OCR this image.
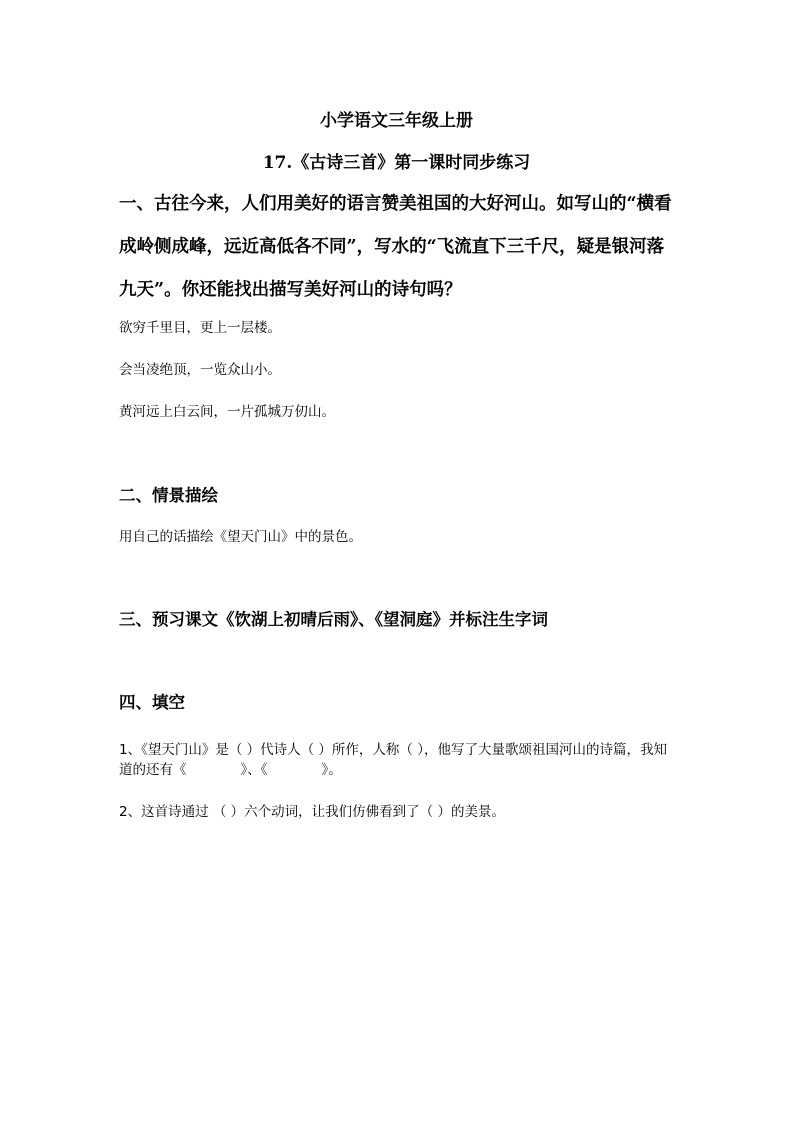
小学语文三年级上册
17.《古诗三首》第一课时同步练习
一、古往今来，人们用美好的语言赞美祖国的大好河山。如写山的“横看成岭侧成峰，远近高低各不同”，写水的“飞流直下三千尺，疑是银河落九天”。你还能找出描写美好河山的诗句吗？
欲穷千里目，更上一层楼。
会当凌绝顶，一览众山小。
黄河远上白云间，一片孤城万仞山。
二、情景描绘
用自己的话描绘《望天门山》中的景色。
三、预习课文《饮湖上初晴后雨》、《望洞庭》并标注生字词
四、填空
1、《望天门山》是（ ）代诗人（ ）所作，人称（ ），他写了大量歌颂祖国河山的诗篇，我知道的还有《　　　　》、《　　　　》。
2、这首诗通过 （ ）六个动词，让我们仿佛看到了（ ）的美景。
